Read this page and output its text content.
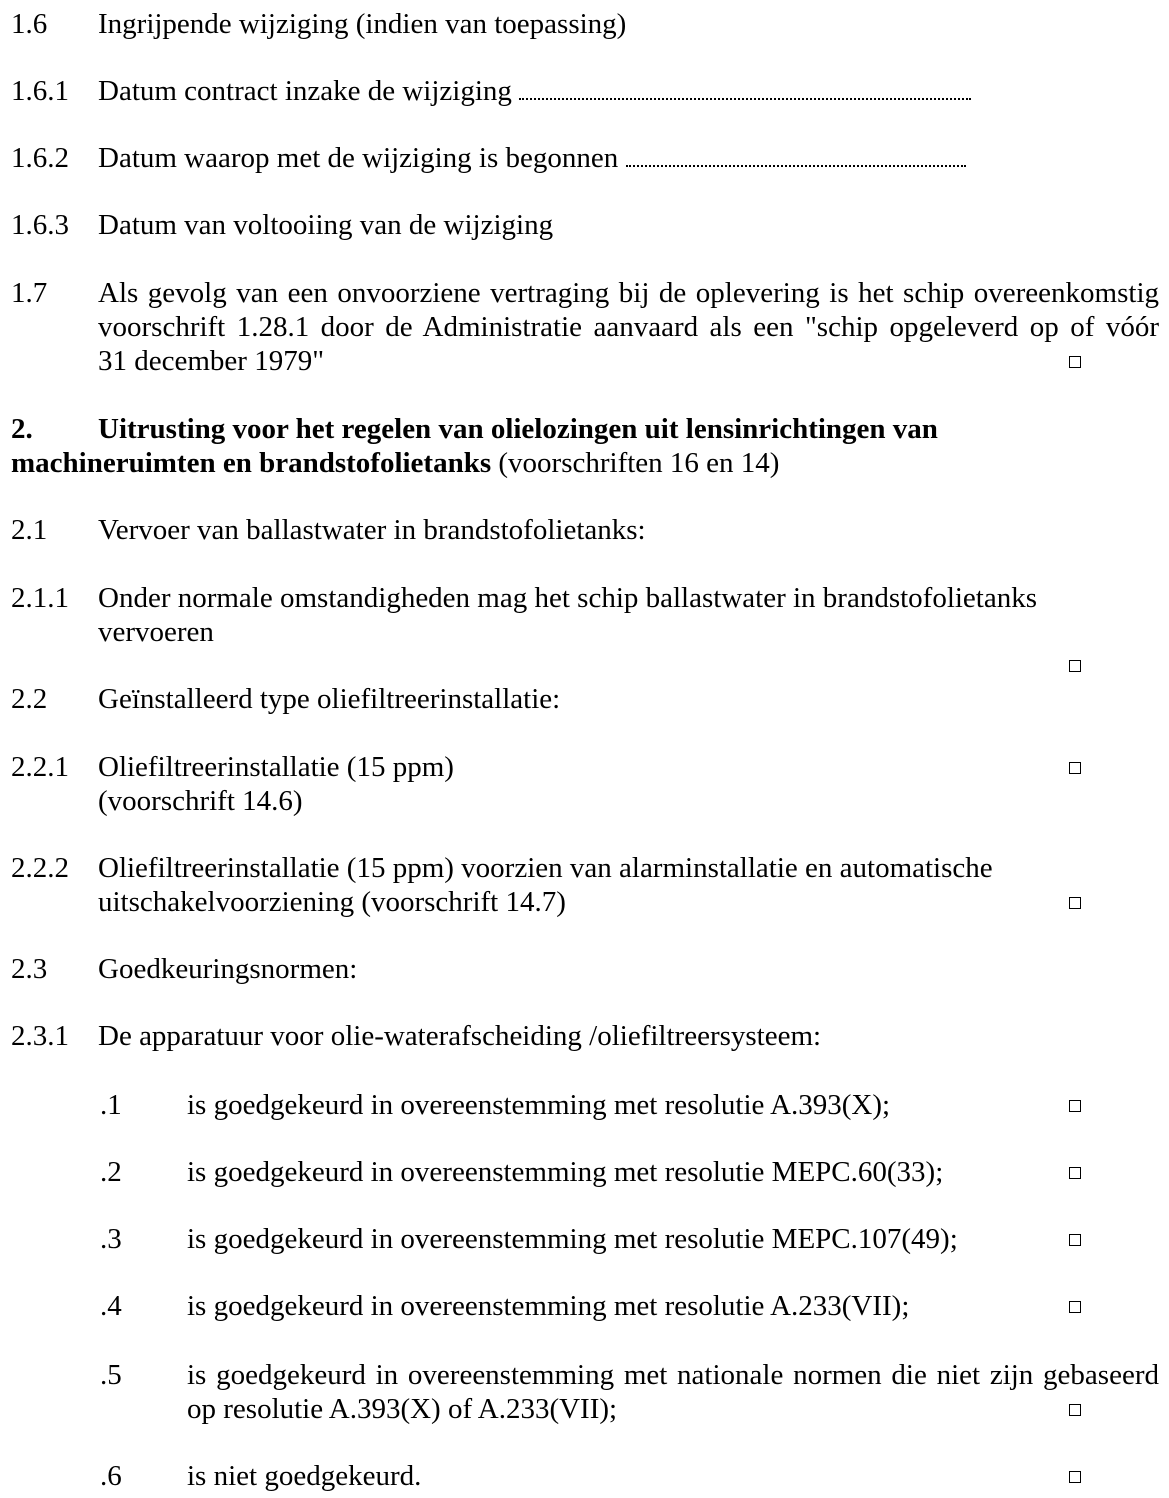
1.6 Ingrijpende wijziging (indien van toepassing)
1.6.1 Datum contract inzake de wijziging
1.6.2 Datum waarop met de wijziging is begonnen
1.6.3 Datum van voltooiing van de wijziging
1.7 Als gevolg van een onvoorziene vertraging bij de oplevering is het schip overeenkomstig
voorschrift 1.28.1 door de Administratie aanvaard als een "schip opgeleverd op of vóór
31 december 1979"
2. Uitrusting voor het regelen van olielozingen uit lensinrichtingen van
machineruimten en brandstofolietanks (voorschriften 16 en 14)
2.1 Vervoer van ballastwater in brandstofolietanks:
2.1.1 Onder normale omstandigheden mag het schip ballastwater in brandstofolietanks
vervoeren
2.2 Geïnstalleerd type oliefiltreerinstallatie:
2.2.1 Oliefiltreerinstallatie (15 ppm)
(voorschrift 14.6)
2.2.2 Oliefiltreerinstallatie (15 ppm) voorzien van alarminstallatie en automatische
uitschakelvoorziening (voorschrift 14.7)
2.3 Goedkeuringsnormen:
2.3.1 De apparatuur voor olie-waterafscheiding /oliefiltreersysteem:
.1 is goedgekeurd in overeenstemming met resolutie A.393(X);
.2 is goedgekeurd in overeenstemming met resolutie MEPC.60(33);
.3 is goedgekeurd in overeenstemming met resolutie MEPC.107(49);
.4 is goedgekeurd in overeenstemming met resolutie A.233(VII);
.5 is goedgekeurd in overeenstemming met nationale normen die niet zijn gebaseerd
op resolutie A.393(X) of A.233(VII);
.6 is niet goedgekeurd.
